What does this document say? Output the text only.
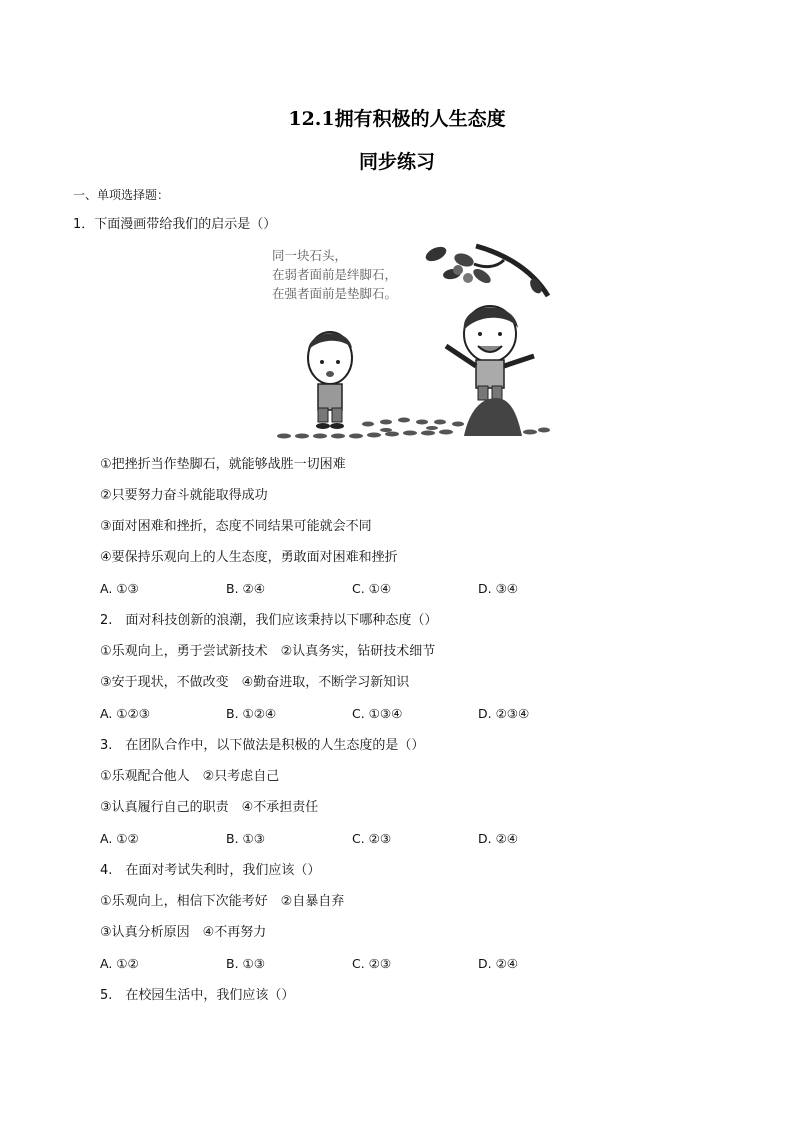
12.1拥有积极的人生态度
同步练习
一、单项选择题：
1．下面漫画带给我们的启示是（）
同一块石头，
在弱者面前是绊脚石，
在强者面前是垫脚石。
①把挫折当作垫脚石，就能够战胜一切困难
②只要努力奋斗就能取得成功
③面对困难和挫折，态度不同结果可能就会不同
④要保持乐观向上的人生态度，勇敢面对困难和挫折
A. ①③	B. ②④	C. ①④	D. ③④
2.　面对科技创新的浪潮，我们应该秉持以下哪种态度（）
①乐观向上，勇于尝试新技术　②认真务实，钻研技术细节
③安于现状，不做改变　④勤奋进取，不断学习新知识
A. ①②③	B. ①②④	C. ①③④	D. ②③④
3.　在团队合作中，以下做法是积极的人生态度的是（）
①乐观配合他人　②只考虑自己
③认真履行自己的职责　④不承担责任
A. ①②	B. ①③	C. ②③	D. ②④
4.　在面对考试失利时，我们应该（）
①乐观向上，相信下次能考好　②自暴自弃
③认真分析原因　④不再努力
A. ①②	B. ①③	C. ②③	D. ②④
5.　在校园生活中，我们应该（）
